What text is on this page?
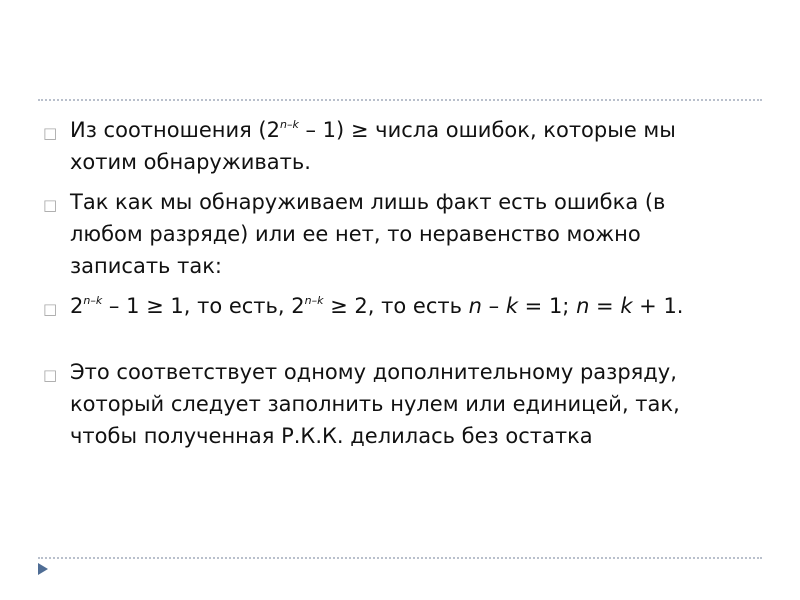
□ Из соотношения (2$^{n-k}$ – 1) ≥ числа ошибок, которые мы хотим обнаруживать.
□ Так как мы обнаруживаем лишь факт есть ошибка (в любом разряде) или ее нет, то неравенство можно записать так:
□ 2$^{n-k}$ – 1 ≥ 1, то есть, $2^{n-k} \ge 2$, то есть n – k = 1; n = k + 1.
□ Это соответствует одному дополнительному разряду, который следует заполнить нулем или единицей, так, чтобы полученная Р.К.К. делилась без остатка
